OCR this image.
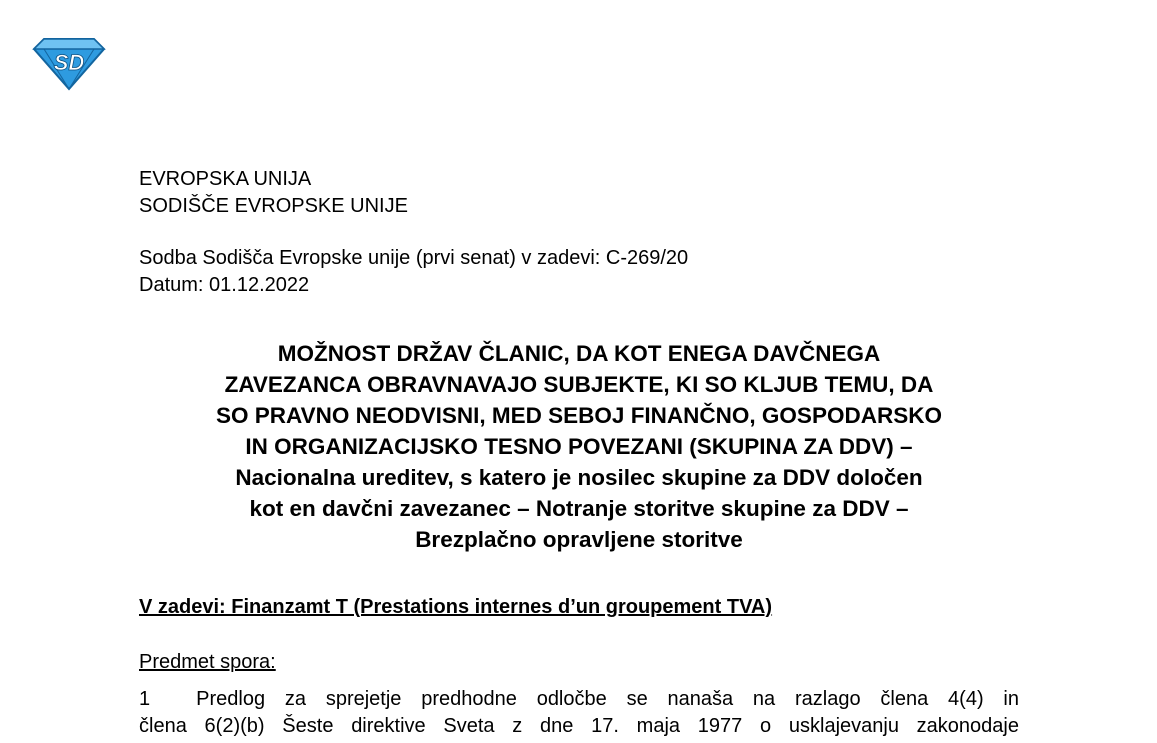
SD
EVROPSKA UNIJA
SODIŠČE EVROPSKE UNIJE
Sodba Sodišča Evropske unije (prvi senat) v zadevi: C-269/20
Datum: 01.12.2022
MOŽNOST DRŽAV ČLANIC, DA KOT ENEGA DAVČNEGA
ZAVEZANCA OBRAVNAVAJO SUBJEKTE, KI SO KLJUB TEMU, DA
SO PRAVNO NEODVISNI, MED SEBOJ FINANČNO, GOSPODARSKO
IN ORGANIZACIJSKO TESNO POVEZANI (SKUPINA ZA DDV) –
Nacionalna ureditev, s katero je nosilec skupine za DDV določen
kot en davčni zavezanec – Notranje storitve skupine za DDV –
Brezplačno opravljene storitve
V zadevi: Finanzamt T (Prestations internes d’un groupement TVA)
Predmet spora:
1 Predlog za sprejetje predhodne odločbe se nanaša na razlago člena 4(4) in
člena 6(2)(b) Šeste direktive Sveta z dne 17. maja 1977 o usklajevanju zakonodaje
